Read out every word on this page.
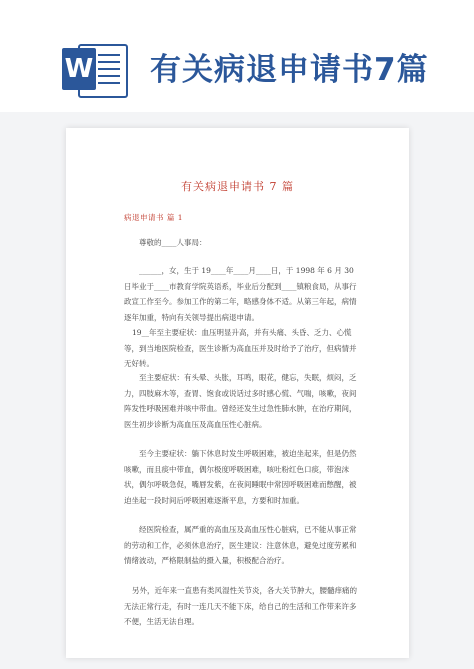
W 有关病退申请书7篇
有关病退申请书 7 篇
病退申请书 篇 1

尊敬的____人事局：

______，女，生于 19____年____月____日，于 1998 年 6 月 30 日毕业于____市教育学院英语系，毕业后分配到____镇粮食局，从事行政宣工作至今。参加工作的第二年，略感身体不适。从第三年起，病情逐年加重，特向有关领导提出病退申请。

19__年至主要症状：血压明显升高，并有头痛、头昏、乏力、心慌等，到当地医院检查，医生诊断为高血压并及时给予了治疗，但病情并无好转。

至主要症状：有头晕、头胀，耳鸣，眼花，健忘，失眠，烦闷，乏力，四肢麻木等，查胃、饱食或说话过多时感心慌、气喘，咳嗽，夜间阵发性呼吸困难并咳中带血。曾经还发生过急性肺水肿，在治疗期间，医生初步诊断为高血压及高血压性心脏病。

至今主要症状：躺下休息时发生呼吸困难，被迫坐起来，但是仍然咳嗽，而且痰中带血，偶尔极度呼吸困难，咳吐粉红色口痰，带泡沫状，偶尔呼吸急促，嘴唇发紫，在夜间睡眠中常因呼吸困难而憋醒，被迫坐起一段时间后呼吸困难逐渐平息，方要和时加重。

经医院检查，属严重的高血压及高血压性心脏病，已不能从事正常的劳动和工作，必须休息治疗，医生建议：注意休息，避免过度劳累和情绪波动，严格限制盐的摄入量，积极配合治疗。

另外，近年来一直患有类风湿性关节炎，各大关节肿大，腰髓痒痛的无法正常行走，有时一连几天不能下床，给自己的生活和工作带来许多不便，生活无法自理。
